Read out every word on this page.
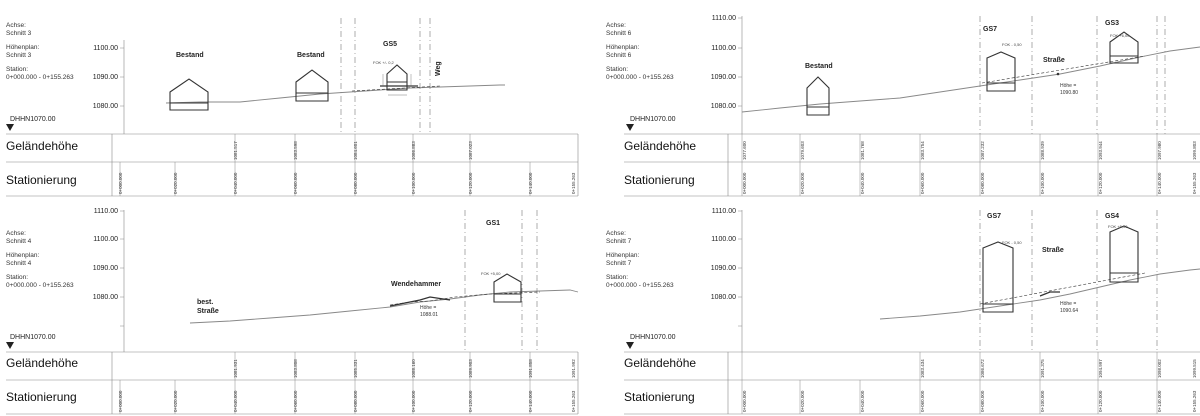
Achse:
Schnitt 3
Höhenplan:
Schnitt 3
Station:
0+000.000 - 0+155.263
DHHN1070.00
Geländehöhe
Stationierung
1100.00
1090.00
1080.00
1081.517	1083.598	1084.601	1086.883	1087.023
0+000.000	0+020.000	0+040.000	0+060.000	0+080.000	0+100.000	0+120.000	0+140.000	0+155.263
Bestand	Bestand
GS5
Weg
FOK +/- 0,2
Achse:
Schnitt 6
Höhenplan:
Schnitt 6
Station:
0+000.000 - 0+155.263
DHHN1070.00
Geländehöhe
Stationierung
1110.00
1100.00
1090.00
1080.00
Bestand
GS7
GS3
Straße
Höhe =
1090.80
FOK - 0,50
FOK +6,00
1077.600	1079.603	1081.768	1083.754	1087.232	1088.939	1093.944	1097.980	1099.803
0+000.000	0+020.000	0+040.000	0+060.000	0+080.000	0+100.000	0+120.000	0+140.000	0+155.263
Achse:
Schnitt 4
Höhenplan:
Schnitt 4
Station:
0+000.000 - 0+155.263
DHHN1070.00
Geländehöhe
Stationierung
1110.00
1100.00
1090.00
1080.00
best.
Straße
Wendehammer
GS1
Höhe =
1088.01
FOK +5,00
1081.931	1083.808	1085.331	1088.160	1089.903	1091.858	1091.992
0+000.000	0+020.000	0+040.000	0+060.000	0+080.000	0+100.000	0+120.000	0+140.000	0+155.263
Achse:
Schnitt 7
Höhenplan:
Schnitt 7
Station:
0+000.000 - 0+155.263
DHHN1070.00
Geländehöhe
Stationierung
1110.00
1100.00
1090.00
1080.00
GS7	GS4
Straße
Höhe =
1090.64
FOK - 0,50
FOK +5,50
1083.434	1086.672	1091.375	1094.997	1098.002	1099.515
0+000.000	0+020.000	0+040.000	0+060.000	0+080.000	0+100.000	0+120.000	0+140.000	0+155.263
